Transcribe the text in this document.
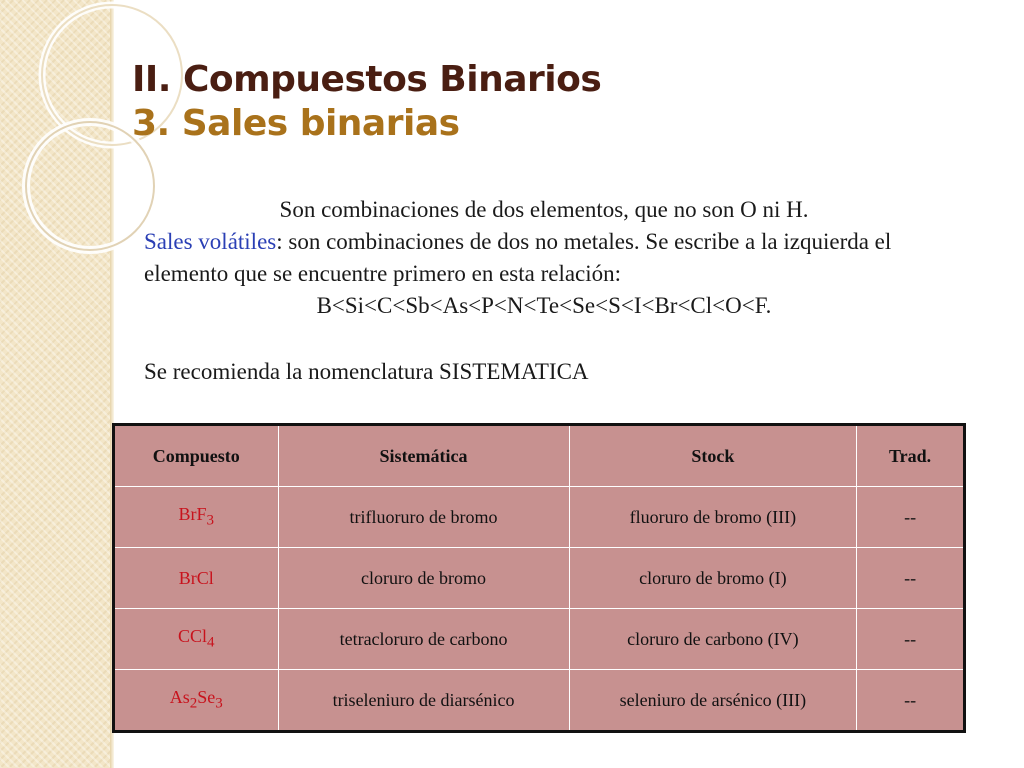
II. Compuestos Binarios
3. Sales binarias
Son combinaciones de dos elementos, que no son O ni H.
Sales volátiles: son combinaciones de dos no metales. Se escribe a la izquierda el elemento que se encuentre primero en esta relación:
B<Si<C<Sb<As<P<N<Te<Se<S<I<Br<Cl<O<F.
Se recomienda la nomenclatura SISTEMATICA
Compuesto	Sistemática	Stock	Trad.
BrF$_3$	trifluoruro de bromo	fluoruro de bromo (III)	--
BrCl	cloruro de bromo	cloruro de bromo (I)	--
CCl$_4$	tetracloruro de carbono	cloruro de carbono (IV)	--
$As_2Se_3$	triseleniuro de diarsénico	seleniuro de arsénico (III)	--
